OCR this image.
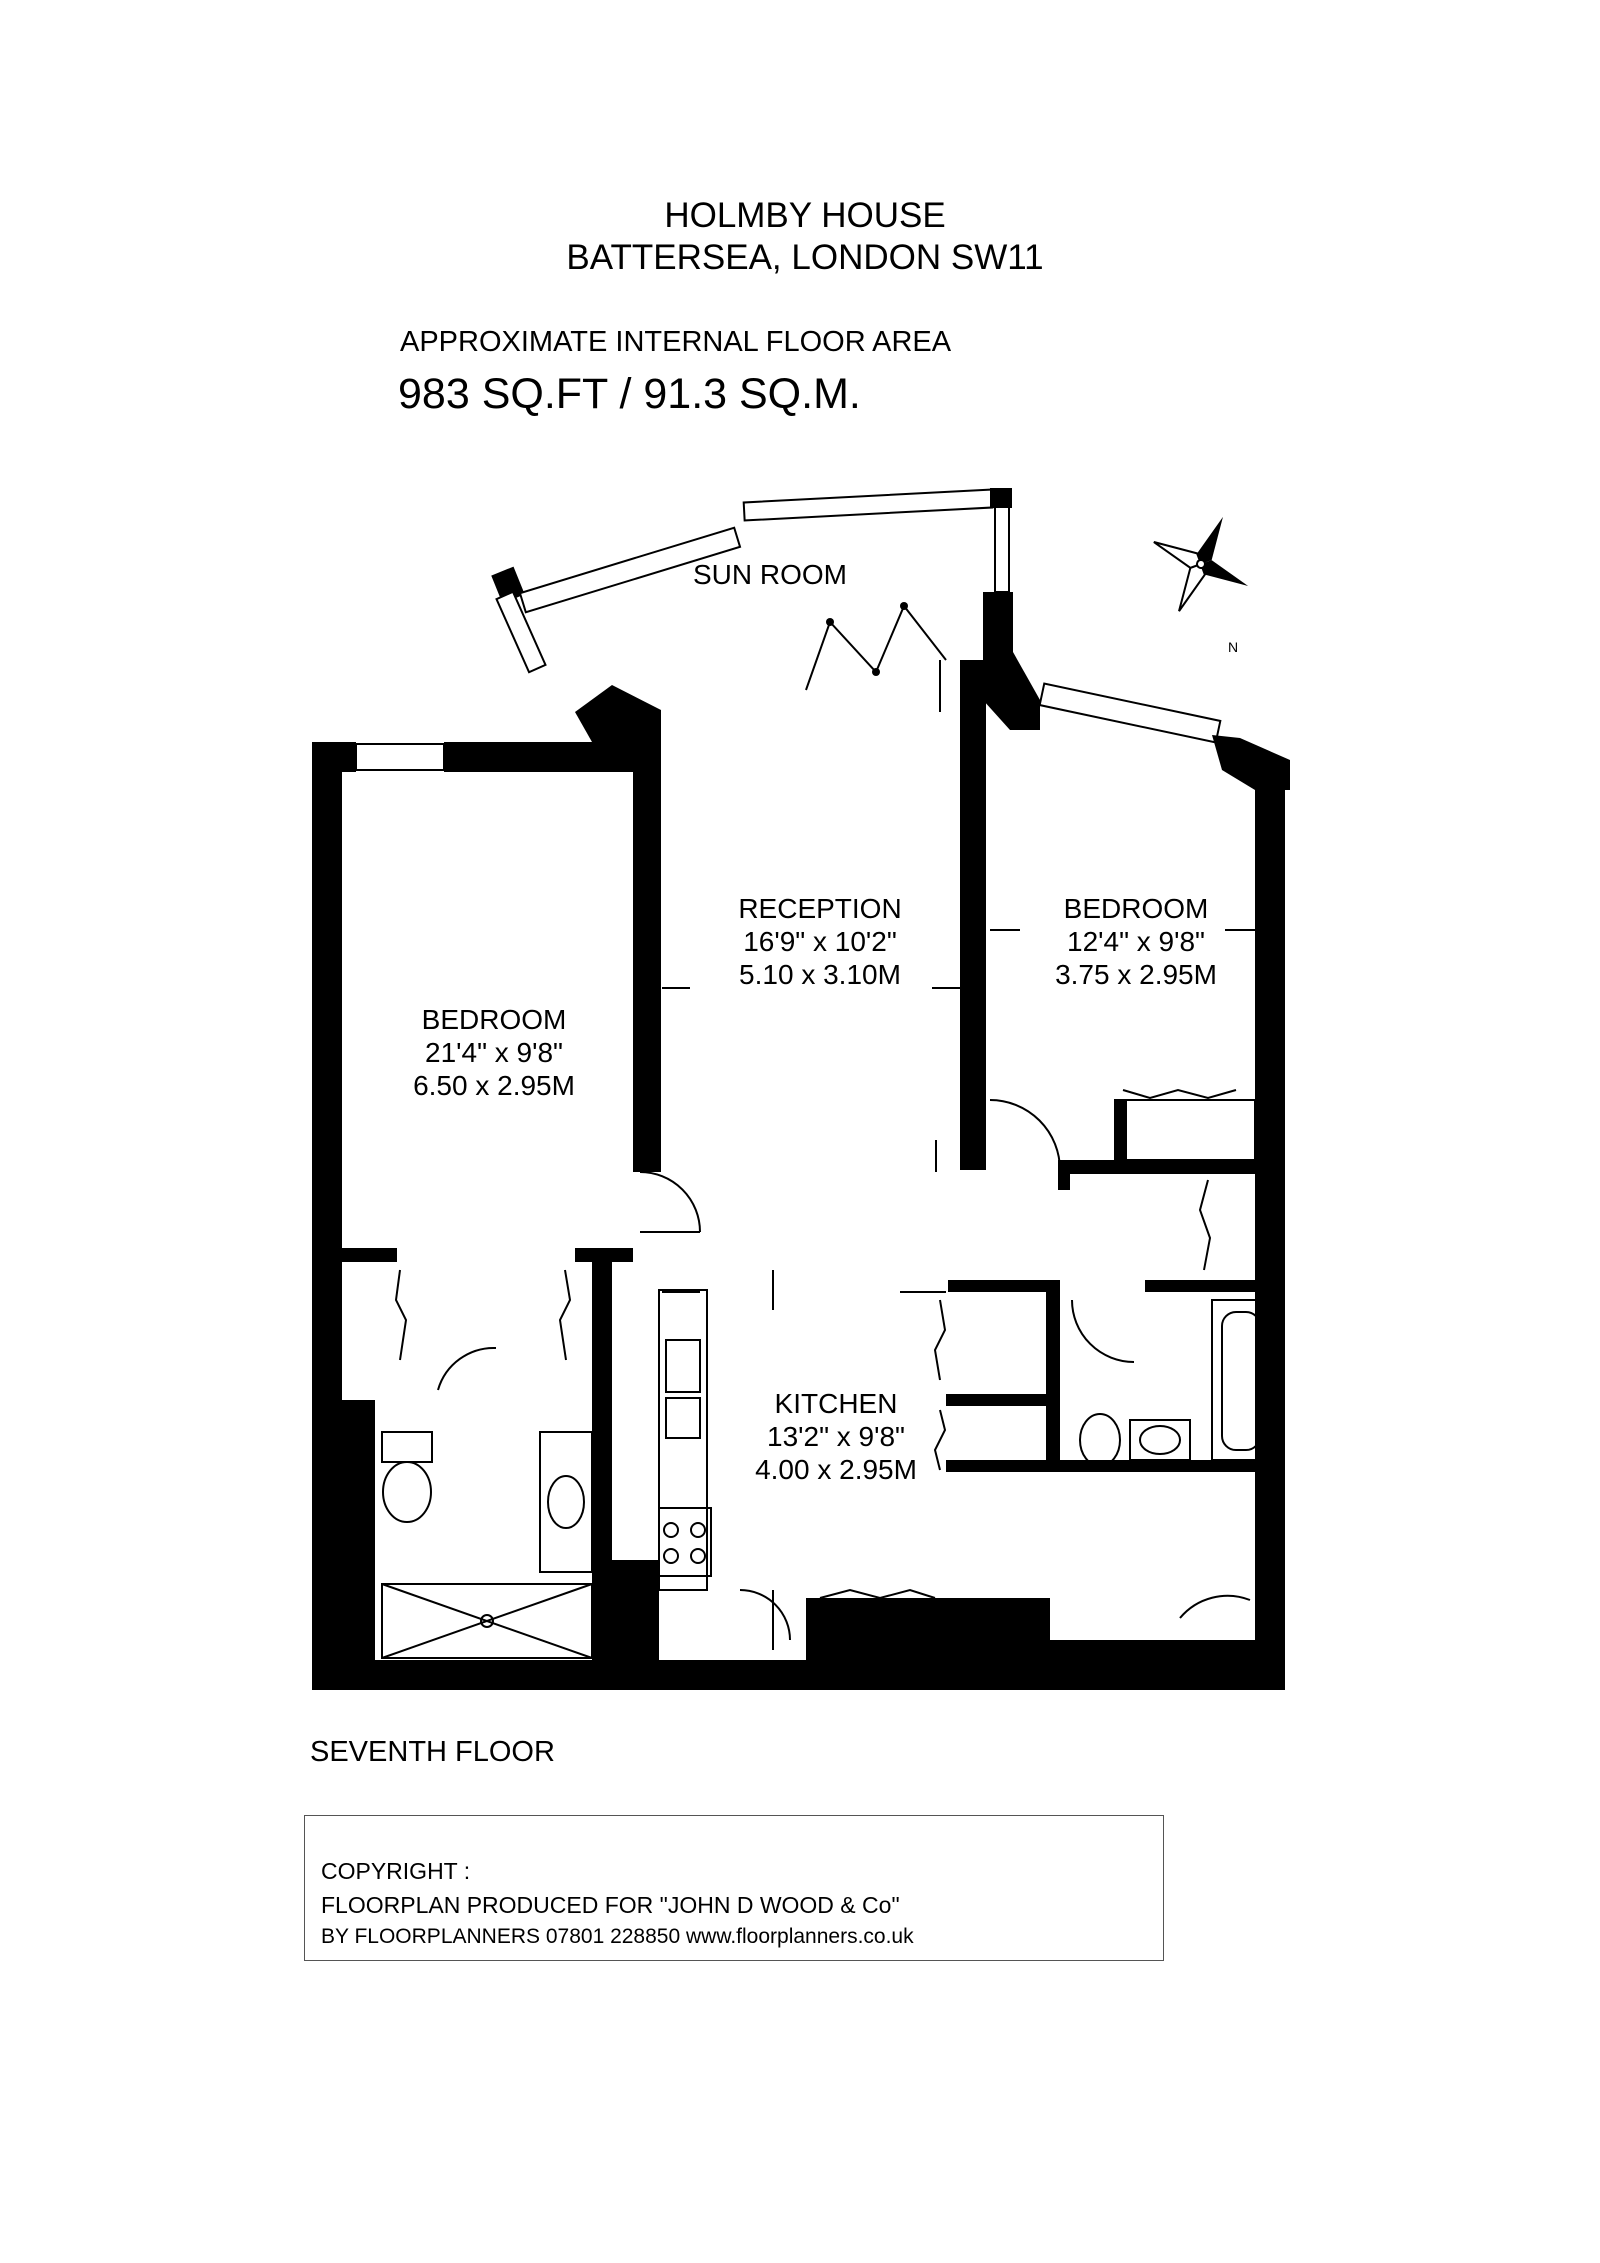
HOLMBY HOUSE
BATTERSEA, LONDON SW11
APPROXIMATE INTERNAL FLOOR AREA
983 SQ.FT / 91.3 SQ.M.
N
SUN ROOM
RECEPTION
16'9" x 10'2"
5.10 x 3.10M
BEDROOM
12'4" x 9'8"
3.75 x 2.95M
BEDROOM
21'4" x 9'8"
6.50 x 2.95M
KITCHEN
13'2" x 9'8"
4.00 x 2.95M
SEVENTH FLOOR
COPYRIGHT :
FLOORPLAN PRODUCED FOR "JOHN D WOOD & Co"
BY FLOORPLANNERS 07801 228850 www.floorplanners.co.uk
